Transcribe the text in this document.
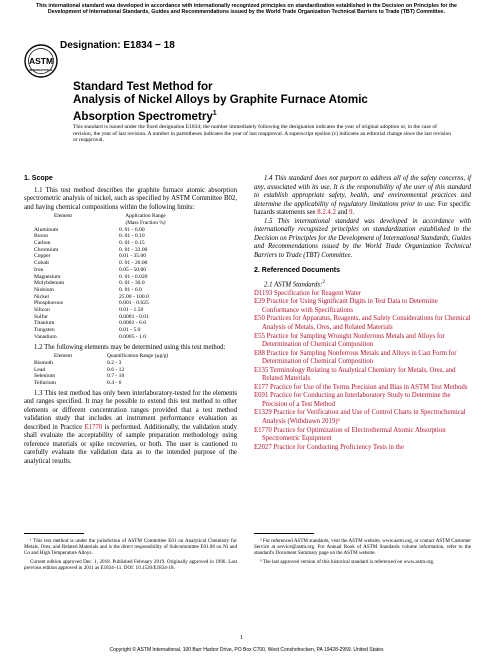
This international standard was developed in accordance with internationally recognized principles on standardization established in the Decision on Principles for the Development of International Standards, Guides and Recommendations issued by the World Trade Organization Technical Barriers to Trade (TBT) Committee.
ASTM
INTERNATIONAL
Designation: E1834 − 18
Standard Test Method for
Analysis of Nickel Alloys by Graphite Furnace Atomic
Absorption Spectrometry$^1$
This standard is issued under the fixed designation E1834; the number immediately following the designation indicates the year of original adoption or, in the case of revision, the year of last revision. A number in parentheses indicates the year of last reapproval. A superscript epsilon (ε) indicates an editorial change since the last revision or reapproval.

1. Scope

1.1 This test method describes the graphite furnace atomic absorption spectrometric analysis of nickel, such as specified by ASTM Committee B02, and having chemical compositions within the following limits:

Element	Application Range
(Mass Fraction %)
Aluminum	0. 01 - 6.00
Boron	0. 01 - 0.10
Carbon	0. 01 - 0.15
Chromium	0. 01 - 33.00
Copper	0.01 - 35.00
Cobalt	0. 01 - 20.00
Iron	0.05 - 50.00
Magnesium	0. 01 - 0.020
Molybdenum	0. 01 - 30.0
Niobium	0. 01 - 6.0
Nickel	25.00 - 100.0
Phosphorous	0.001 - 0.025
Silicon	0.01 - 1.50
Sulfur	0.0001 - 0.01
Titanium	0.0001 - 6.0
Tungsten	0.01 - 5.0
Vanadium	0.0005 - 1.0

1.2 The following elements may be determined using this test method:

Element	Quantification Range (µg/g)
Bismuth	0.2 - 3
Lead	0.6 - 12
Selenium	0.7 - 10
Tellurium	0.4 - 6

1.3 This test method has only been interlaboratory-tested for the elements and ranges specified. It may be possible to extend this test method to other elements or different concentration ranges provided that a test method validation study that includes an instrument performance evaluation as described in Practice E1770 is performed. Additionally, the validation study shall evaluate the acceptability of sample preparation methodology using reference materials or spike recoveries, or both. The user is cautioned to carefully evaluate the validation data as to the intended purpose of the analytical results.

1.4 This standard does not purport to address all of the safety concerns, if any, associated with its use. It is the responsibility of the user of this standard to establish appropriate safety, health, and environmental practices and determine the applicability of regulatory limitations prior to use. For specific hazards statements see 8.2.4.2 and 9.

1.5 This international standard was developed in accordance with internationally recognized principles on standardization established in the Decision on Principles for the Development of International Standards, Guides and Recommendations issued by the World Trade Organization Technical Barriers to Trade (TBT) Committee.

2. Referenced Documents

2.1 ASTM Standards:$^2$

D1193 Specification for Reagent Water

E29 Practice for Using Significant Digits in Test Data to Determine Conformance with Specifications

E50 Practices for Apparatus, Reagents, and Safety Considerations for Chemical Analysis of Metals, Ores, and Related Materials

E55 Practice for Sampling Wrought Nonferrous Metals and Alloys for Determination of Chemical Composition

E88 Practice for Sampling Nonferrous Metals and Alloys in Cast Form for Determination of Chemical Composition

E135 Terminology Relating to Analytical Chemistry for Metals, Ores, and Related Materials

E177 Practice for Use of the Terms Precision and Bias in ASTM Test Methods

E691 Practice for Conducting an Interlaboratory Study to Determine the Precision of a Test Method

E1329 Practice for Verification and Use of Control Charts in Spectrochemical Analysis (Withdrawn 2019)³

E1770 Practice for Optimization of Electrothermal Atomic Absorption Spectrometric Equipment

E2027 Practice for Conducting Proficiency Tests in the

¹ This test method is under the jurisdiction of ASTM Committee E01 on Analytical Chemistry for Metals, Ores, and Related Materials and is the direct responsibility of Subcommittee E01.08 on Ni and Co and High Temperature Alloys.

Current edition approved Dec. 1, 2018. Published February 2019. Originally approved in 1996. Last previous edition approved in 2011 as E1834–11. DOI: 10.1520/E1834-18.

² For referenced ASTM standards, visit the ASTM website, www.astm.org, or contact ASTM Customer Service at service@astm.org. For Annual Book of ASTM Standards volume information, refer to the standard's Document Summary page on the ASTM website.

³ The last approved version of this historical standard is referenced on www.astm.org.

1
Copyright © ASTM International, 100 Barr Harbor Drive, PO Box C700, West Conshohocken, PA 19428-2959. United States
